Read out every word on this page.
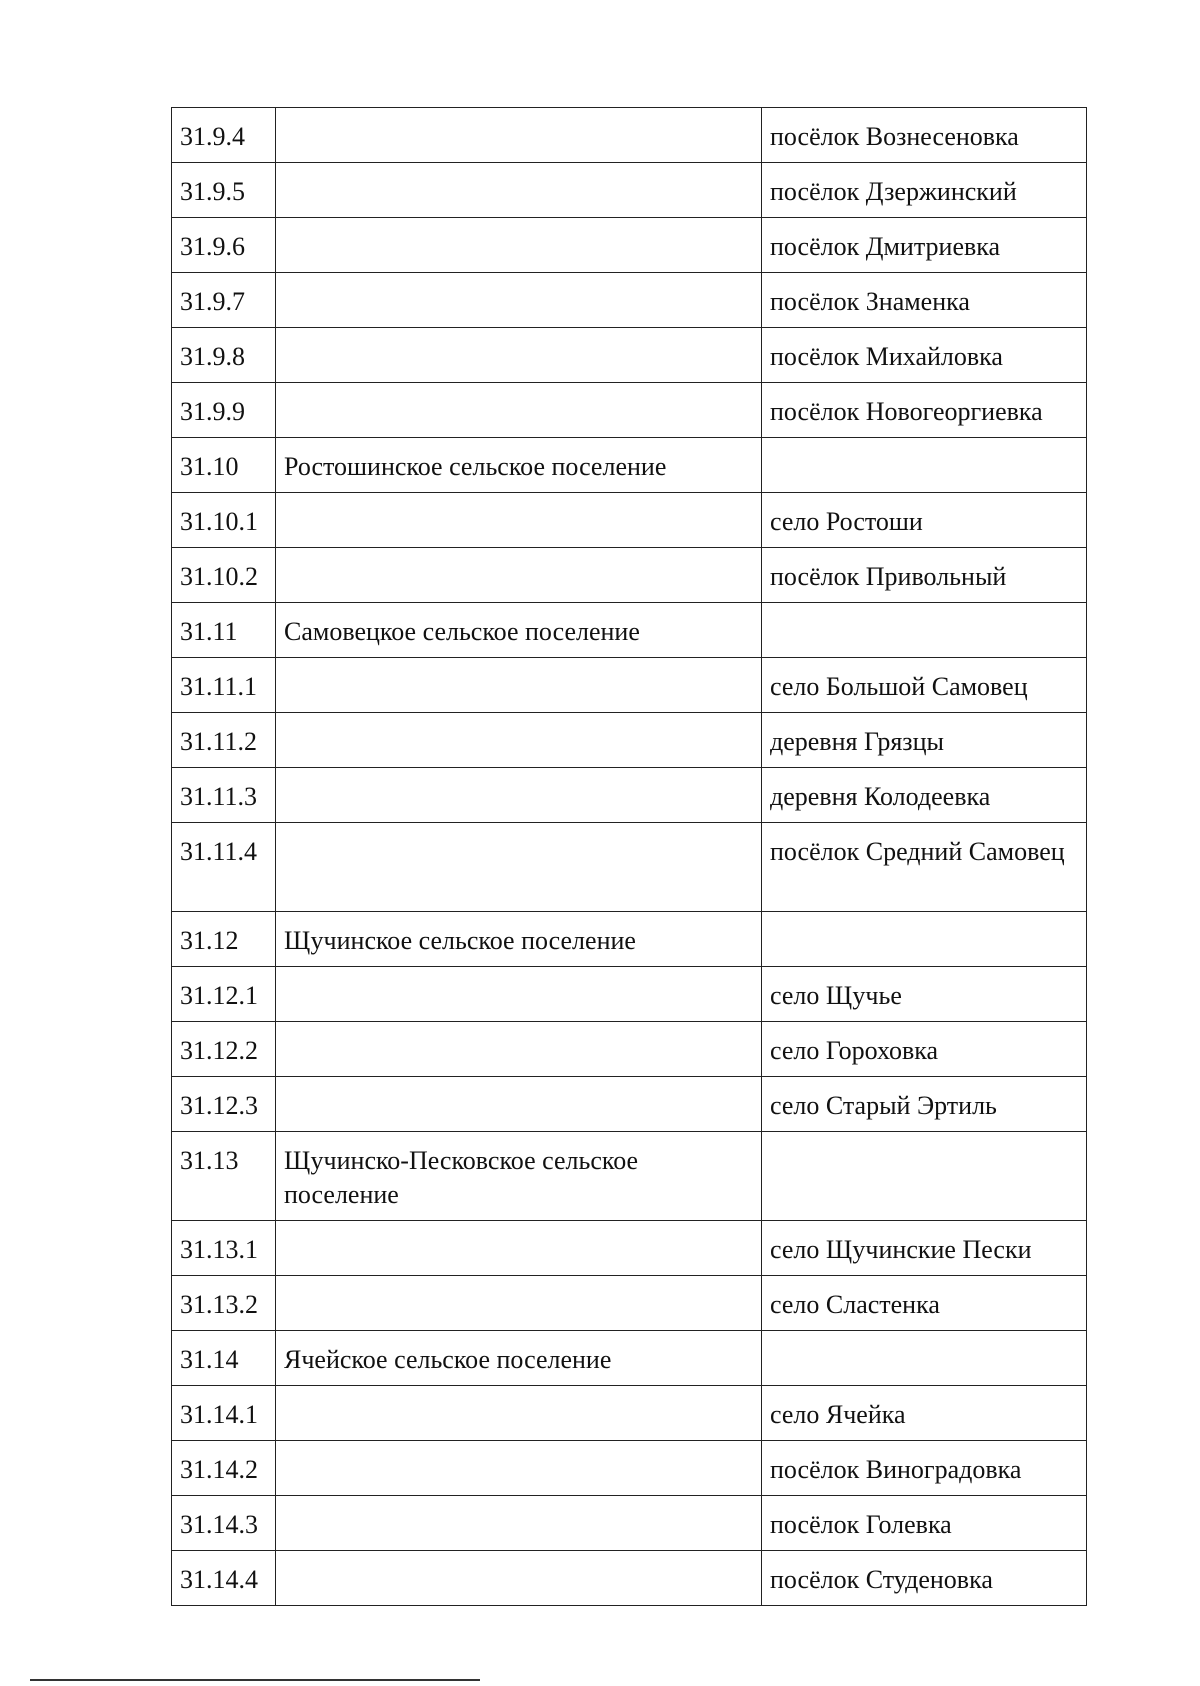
31.9.4		посёлок Вознесеновка
31.9.5		посёлок Дзержинский
31.9.6		посёлок Дмитриевка
31.9.7		посёлок Знаменка
31.9.8		посёлок Михайловка
31.9.9		посёлок Новогеоргиевка
31.10	Ростошинское сельское поселение	
31.10.1		село Ростоши
31.10.2		посёлок Привольный
31.11	Самовецкое сельское поселение	
31.11.1		село Большой Самовец
31.11.2		деревня Грязцы
31.11.3		деревня Колодеевка
31.11.4		посёлок Средний Самовец
31.12	Щучинское сельское поселение	
31.12.1		село Щучье
31.12.2		село Гороховка
31.12.3		село Старый Эртиль
31.13	Щучинско-Песковское сельское поселение	
31.13.1		село Щучинские Пески
31.13.2		село Сластенка
31.14	Ячейское сельское поселение	
31.14.1		село Ячейка
31.14.2		посёлок Виноградовка
31.14.3		посёлок Голевка
31.14.4		посёлок Студеновка
